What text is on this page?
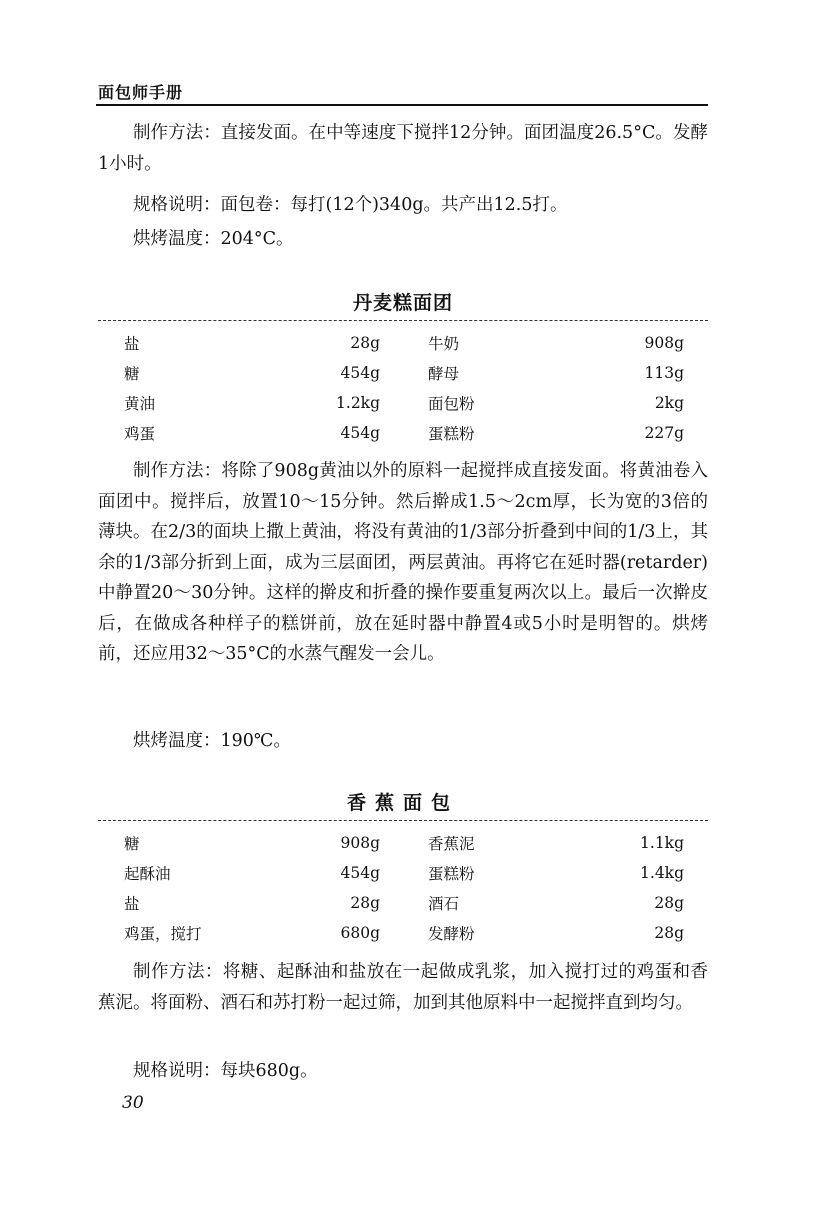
面包师手册

制作方法：直接发面。在中等速度下搅拌12分钟。面团温度26.5°C。发酵1小时。

规格说明：面包卷：每打(12个)340g。共产出12.5打。

烘烤温度：204°C。

丹麦糕面团
盐	28g		牛奶	908g
糖	454g		酵母	113g
黄油	1.2kg		面包粉	2kg
鸡蛋	454g		蛋糕粉	227g

制作方法：将除了908g黄油以外的原料一起搅拌成直接发面。将黄油卷入面团中。搅拌后，放置10～15分钟。然后擀成1.5～2cm厚，长为宽的3倍的薄块。在2/3的面块上撒上黄油，将没有黄油的1/3部分折叠到中间的1/3上，其余的1/3部分折到上面，成为三层面团，两层黄油。再将它在延时器(retarder)中静置20～30分钟。这样的擀皮和折叠的操作要重复两次以上。最后一次擀皮后，在做成各种样子的糕饼前，放在延时器中静置4或5小时是明智的。烘烤前，还应用32～35°C的水蒸气醒发一会儿。

烘烤温度：190℃。

香蕉面包
糖	908g		香蕉泥	1.1kg
起酥油	454g		蛋糕粉	1.4kg
盐	28g		酒石	28g
鸡蛋，搅打	680g		发酵粉	28g

制作方法：将糖、起酥油和盐放在一起做成乳浆，加入搅打过的鸡蛋和香蕉泥。将面粉、酒石和苏打粉一起过筛，加到其他原料中一起搅拌直到均匀。

规格说明：每块680g。

30
